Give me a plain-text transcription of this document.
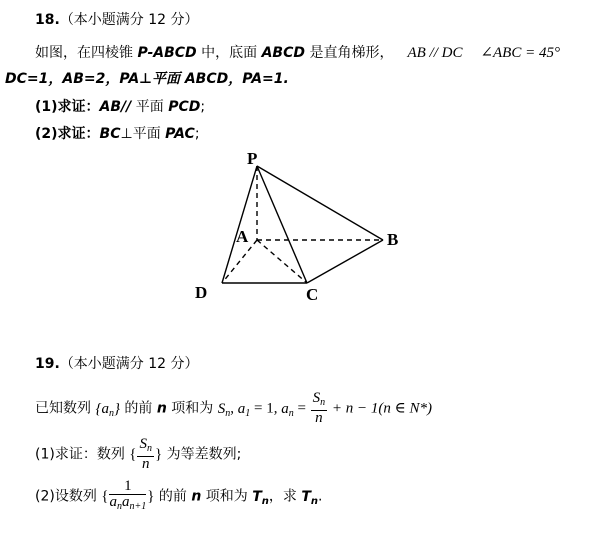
18.（本小题满分 12 分）
如图，在四棱锥 P-ABCD 中，底面 ABCD 是直角梯形， AB // DC ∠ABC = 45°
DC=1，AB=2，PA⊥平面 ABCD，PA=1.
(1)求证：AB// 平面 PCD;
(2)求证：BC⊥平面 PAC;
P
A	B
C
D
19.（本小题满分 12 分）
已知数列 $\{a_n\}$ 的前 n 项和为 $S_n$, $a_1 = 1$, $a_n = \frac{S_n}{n} + n - 1(n$ ∈ N*)
(1)求证：数列 { $\frac{S_n}{n}$ } 为等差数列;
(2)设数列 { $\frac{1}{a_na_{n+1}}$ } 的前 n 项和为 $T_n$，求 $T_n$.
